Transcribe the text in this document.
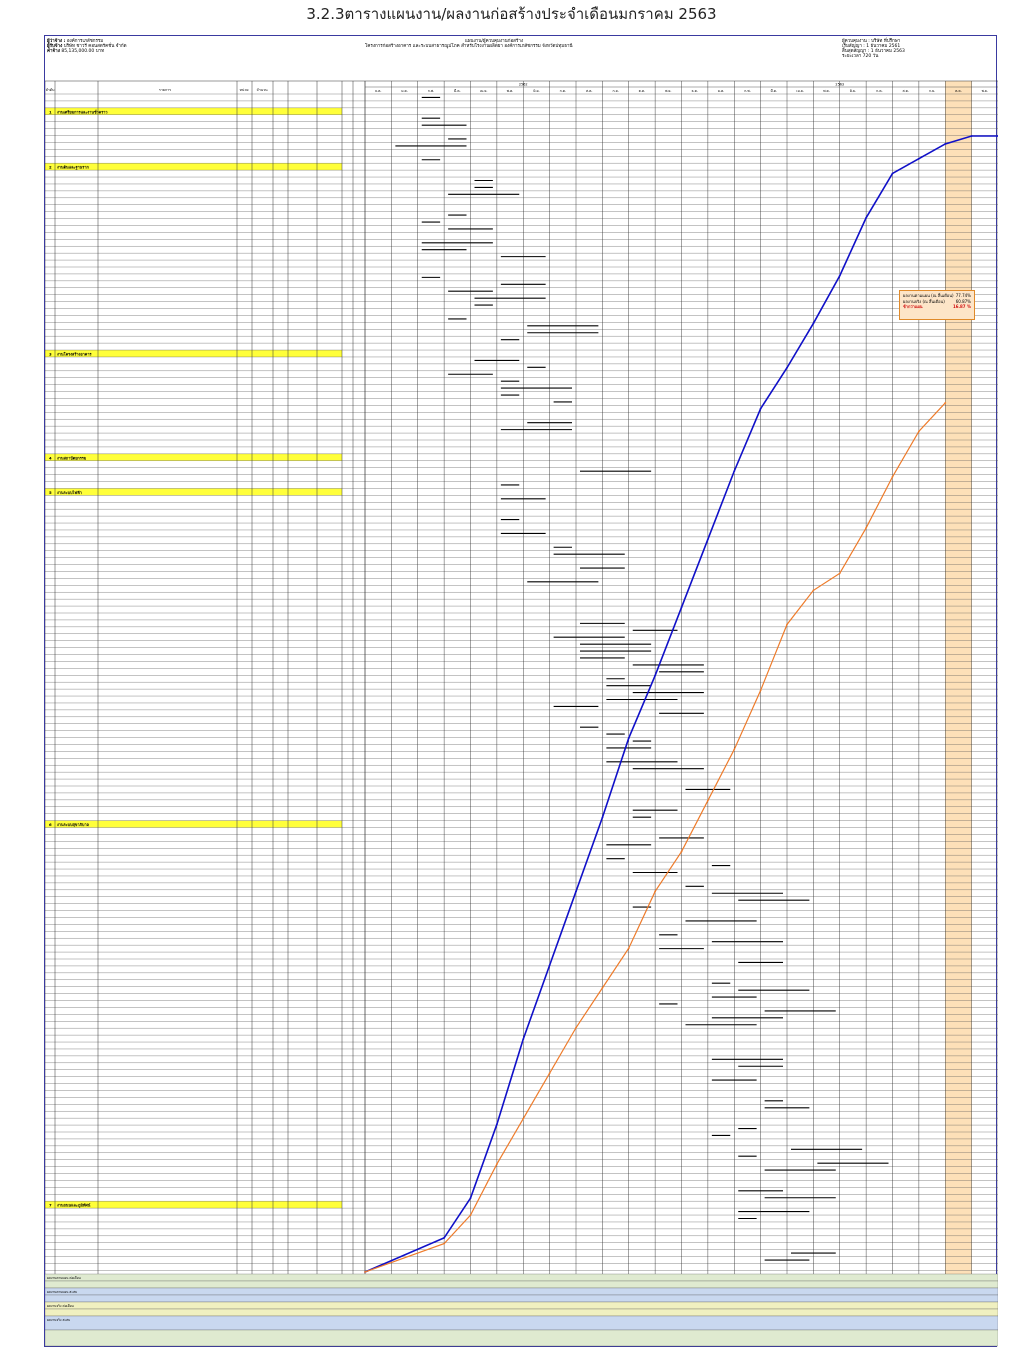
3.2.3ตารางแผนงาน/ผลงานก่อสร้างประจำเดือนมกราคม 2563
ผู้ว่าจ้าง : องค์การเภสัชกรรม
ผู้รับจ้าง บริษัท ชาวรี คอนสตรัคชั่น จำกัด
ค่าจ้าง 85,135,000.00 บาท
แผนงาน/ผู้ควบคุมงานก่อสร้าง
โครงการก่อสร้างอาคาร และระบบสาธารณูปโภค สำหรับโรงงานผลิตยา องค์การเภสัชกรรม จังหวัดปทุมธานี
ผู้ควบคุมงาน : บริษัท ที่ปรึกษา
เริ่มสัญญา : 1 ธันวาคม 2561
สิ้นสุดสัญญา : 1 ธันวาคม 2563
ระยะเวลา 720 วัน
ลำดับ	รายการ	หน่วย จำนวน	ธ.ค.	ม.ค.	ก.พ.	มี.ค.	เม.ย.	พ.ค.	มิ.ย.	ก.ค.	ส.ค.	ก.ย.	ต.ค.	พ.ย.	ธ.ค.	ม.ค.	ก.พ.	มี.ค.	เม.ย.	พ.ค.	มิ.ย.	ก.ค.	ส.ค.	ก.ย.	ต.ค.	พ.ย.
2562	2563
1 งานเตรียมการและงานชั่วคราว
2 งานดินและฐานราก
3 งานโครงสร้างอาคาร
4 งานสถาปัตยกรรม
5 งานระบบไฟฟ้า
6 งานระบบสุขาภิบาล
7 งานถนนและภูมิทัศน์
ผลงานตามแผน ต่อเดือน
ผลงานตามแผน สะสม
ผลงานจริง ต่อเดือน
ผลงานจริง สะสม
ผลงานตามแผน (ณ สิ้นเดือน) 77.74%
ผลงานจริง (ณ สิ้นเดือน)	60.87%
ช้ากว่าแผน	16.87 %
